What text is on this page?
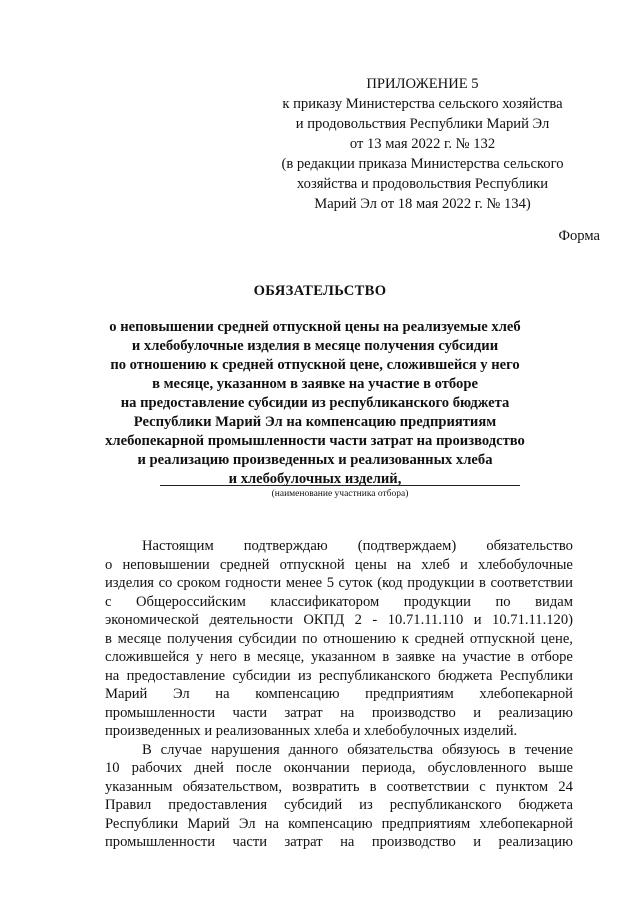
ПРИЛОЖЕНИЕ 5
к приказу Министерства сельского хозяйства
и продовольствия Республики Марий Эл
от 13 мая 2022 г. № 132
(в редакции приказа Министерства сельского
хозяйства и продовольствия Республики
Марий Эл от 18 мая 2022 г. № 134)
Форма
ОБЯЗАТЕЛЬСТВО
о неповышении средней отпускной цены на реализуемые хлеб
и хлебобулочные изделия в месяце получения субсидии
по отношению к средней отпускной цене, сложившейся у него
в месяце, указанном в заявке на участие в отборе
на предоставление субсидии из республиканского бюджета
Республики Марий Эл на компенсацию предприятиям
хлебопекарной промышленности части затрат на производство
и реализацию произведенных и реализованных хлеба
и хлебобулочных изделий,
(наименование участника отбора)
Настоящим подтверждаю (подтверждаем) обязательство
о неповышении средней отпускной цены на хлеб и хлебобулочные
изделия со сроком годности менее 5 суток (код продукции в соответствии
с Общероссийским классификатором продукции по видам
экономической деятельности ОКПД 2 - 10.71.11.110 и 10.71.11.120)
в месяце получения субсидии по отношению к средней отпускной цене,
сложившейся у него в месяце, указанном в заявке на участие в отборе
на предоставление субсидии из республиканского бюджета Республики
Марий Эл на компенсацию предприятиям хлебопекарной
промышленности части затрат на производство и реализацию
произведенных и реализованных хлеба и хлебобулочных изделий.
В случае нарушения данного обязательства обязуюсь в течение
10 рабочих дней после окончании периода, обусловленного выше
указанным обязательством, возвратить в соответствии с пунктом 24
Правил предоставления субсидий из республиканского бюджета
Республики Марий Эл на компенсацию предприятиям хлебопекарной
промышленности части затрат на производство и реализацию
